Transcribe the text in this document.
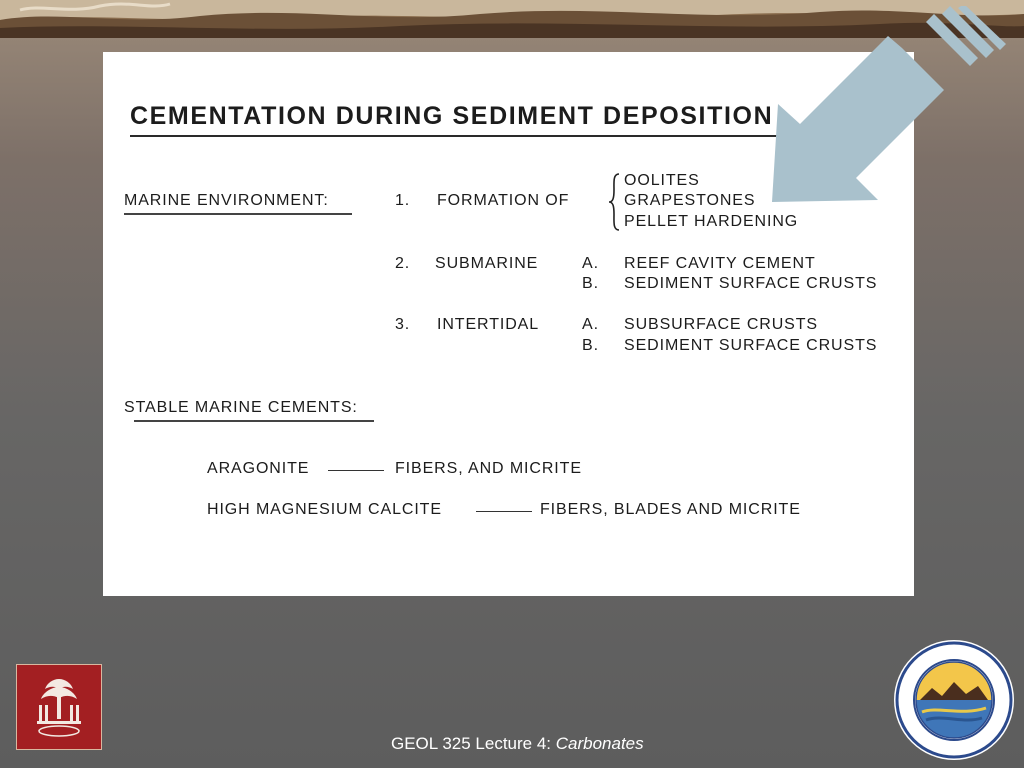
CEMENTATION DURING SEDIMENT DEPOSITION
MARINE ENVIRONMENT:	1. FORMATION OF
OOLITES
GRAPESTONES
PELLET HARDENING
2. SUBMARINE	A. REEF CAVITY CEMENT
B. SEDIMENT SURFACE CRUSTS
3. INTERTIDAL	A. SUBSURFACE CRUSTS
B. SEDIMENT SURFACE CRUSTS
STABLE MARINE CEMENTS:
ARAGONITE	FIBERS, AND MICRITE
HIGH MAGNESIUM CALCITE	FIBERS, BLADES AND MICRITE
GEOL 325 Lecture 4: Carbonates
